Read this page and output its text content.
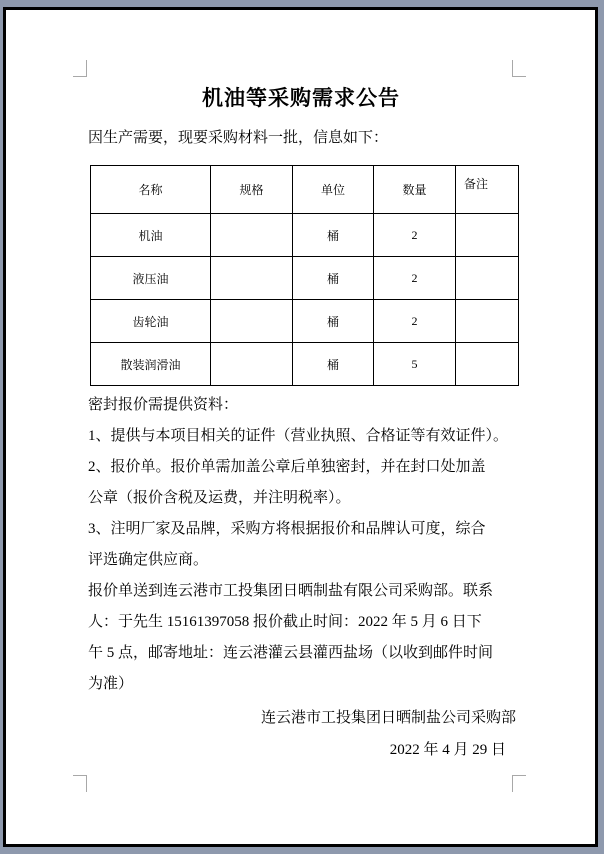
机油等采购需求公告
因生产需要，现要采购材料一批，信息如下：
名称	规格	单位	数量	备注
机油		桶	2	
液压油		桶	2	
齿轮油		桶	2	
散装润滑油		桶	5	
密封报价需提供资料：
1、提供与本项目相关的证件（营业执照、合格证等有效证件）。
2、报价单。报价单需加盖公章后单独密封，并在封口处加盖
公章（报价含税及运费，并注明税率）。
3、注明厂家及品牌，采购方将根据报价和品牌认可度，综合
评选确定供应商。
报价单送到连云港市工投集团日晒制盐有限公司采购部。联系
人：于先生 15161397058 报价截止时间：2022 年 5 月 6 日下
午 5 点，邮寄地址：连云港灌云县灌西盐场（以收到邮件时间
为准）
连云港市工投集团日晒制盐公司采购部
2022 年 4 月 29 日
